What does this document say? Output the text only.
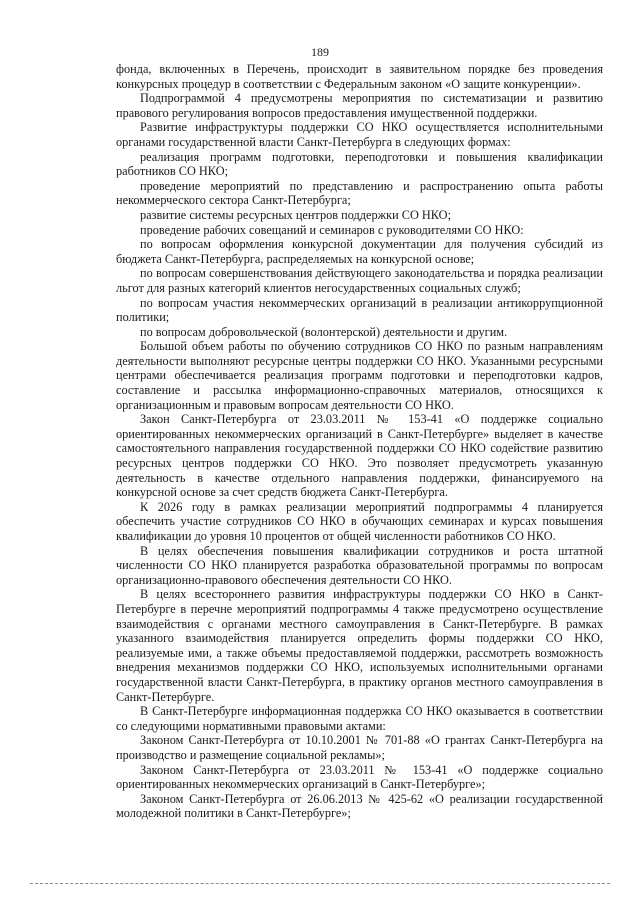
189

фонда, включенных в Перечень, происходит в заявительном порядке без проведения конкурсных процедур в соответствии с Федеральным законом «О защите конкуренции».

Подпрограммой 4 предусмотрены мероприятия по систематизации и развитию правового регулирования вопросов предоставления имущественной поддержки.

Развитие инфраструктуры поддержки СО НКО осуществляется исполнительными органами государственной власти Санкт-Петербурга в следующих формах:

реализация программ подготовки, переподготовки и повышения квалификации работников СО НКО;

проведение мероприятий по представлению и распространению опыта работы некоммерческого сектора Санкт-Петербурга;

развитие системы ресурсных центров поддержки СО НКО;

проведение рабочих совещаний и семинаров с руководителями СО НКО:

по вопросам оформления конкурсной документации для получения субсидий из бюджета Санкт-Петербурга, распределяемых на конкурсной основе;

по вопросам совершенствования действующего законодательства и порядка реализации льгот для разных категорий клиентов негосударственных социальных служб;

по вопросам участия некоммерческих организаций в реализации антикоррупционной политики;

по вопросам добровольческой (волонтерской) деятельности и другим.

Большой объем работы по обучению сотрудников СО НКО по разным направлениям деятельности выполняют ресурсные центры поддержки СО НКО. Указанными ресурсными центрами обеспечивается реализация программ подготовки и переподготовки кадров, составление и рассылка информационно-справочных материалов, относящихся к организационным и правовым вопросам деятельности СО НКО.

Закон Санкт-Петербурга от 23.03.2011 № 153-41 «О поддержке социально ориентированных некоммерческих организаций в Санкт-Петербурге» выделяет в качестве самостоятельного направления государственной поддержки СО НКО содействие развитию ресурсных центров поддержки СО НКО. Это позволяет предусмотреть указанную деятельность в качестве отдельного направления поддержки, финансируемого на конкурсной основе за счет средств бюджета Санкт-Петербурга.

К 2026 году в рамках реализации мероприятий подпрограммы 4 планируется обеспечить участие сотрудников СО НКО в обучающих семинарах и курсах повышения квалификации до уровня 10 процентов от общей численности работников СО НКО.

В целях обеспечения повышения квалификации сотрудников и роста штатной численности СО НКО планируется разработка образовательной программы по вопросам организационно-правового обеспечения деятельности СО НКО.

В целях всестороннего развития инфраструктуры поддержки СО НКО в Санкт-Петербурге в перечне мероприятий подпрограммы 4 также предусмотрено осуществление взаимодействия с органами местного самоуправления в Санкт-Петербурге. В рамках указанного взаимодействия планируется определить формы поддержки СО НКО, реализуемые ими, а также объемы предоставляемой поддержки, рассмотреть возможность внедрения механизмов поддержки СО НКО, используемых исполнительными органами государственной власти Санкт-Петербурга, в практику органов местного самоуправления в Санкт-Петербурге.

В Санкт-Петербурге информационная поддержка СО НКО оказывается в соответствии со следующими нормативными правовыми актами:

Законом Санкт-Петербурга от 10.10.2001 № 701-88 «О грантах Санкт-Петербурга на производство и размещение социальной рекламы»;

Законом Санкт-Петербурга от 23.03.2011 № 153-41 «О поддержке социально ориентированных некоммерческих организаций в Санкт-Петербурге»;

Законом Санкт-Петербурга от 26.06.2013 № 425-62 «О реализации государственной молодежной политики в Санкт-Петербурге»;
